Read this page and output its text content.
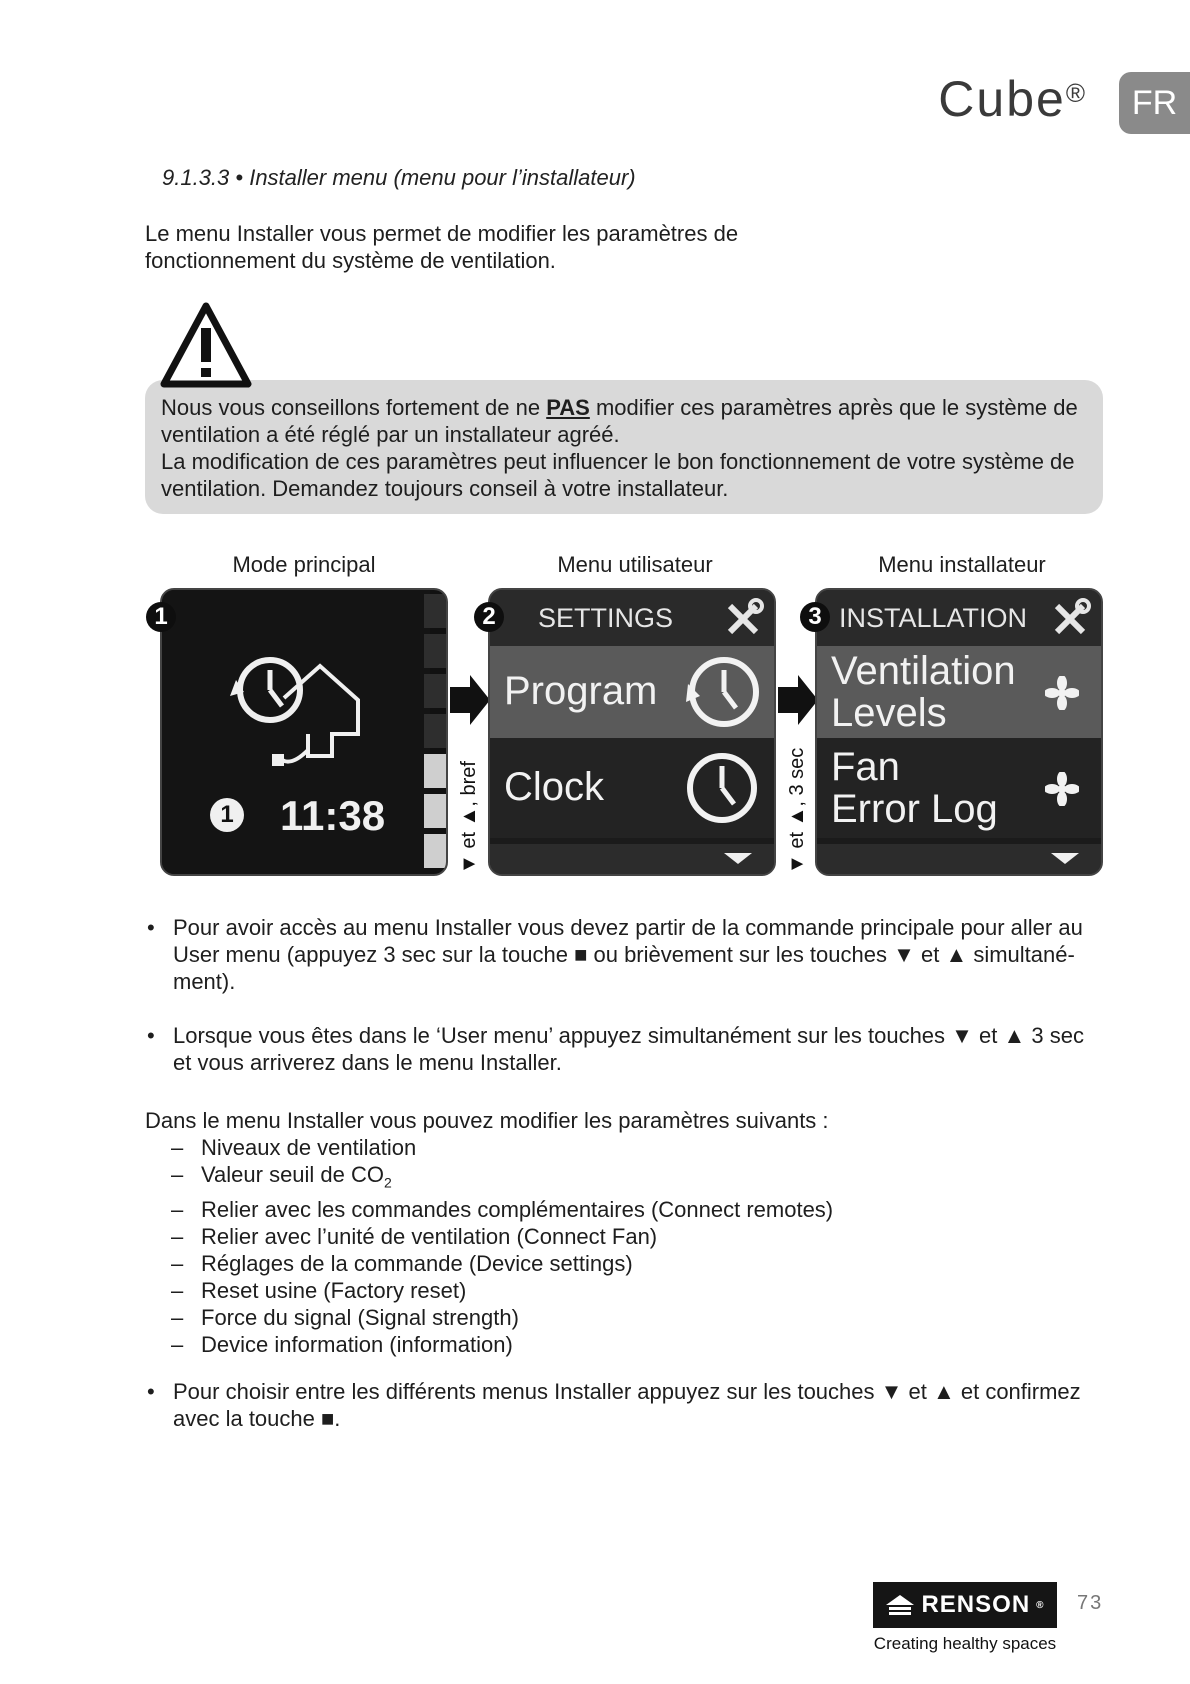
Cube®	FR
9.1.3.3 • Installer menu (menu pour l’installateur)
Le menu Installer vous permet de modifier les paramètres de fonctionnement du système de ventilation.

Nous vous conseillons fortement de ne PAS modifier ces paramètres après que le système de ventilation a été réglé par un installateur agréé.

La modification de ces paramètres peut influencer le bon fonctionnement de votre système de ventilation. Demandez toujours conseil à votre installateur.

Mode principal	Menu utilisateur	Menu installateur
1 11:38
1
▼ et ▲, bref
SETTINGS
Program
Clock
2
▼ et ▲, 3 sec
INSTALLATION
Ventilation
Levels
Fan
Error Log
3
• Pour avoir accès au menu Installer vous devez partir de la commande principale pour aller au User menu (appuyez 3 sec sur la touche ■ ou brièvement sur les touches ▼ et ▲ simultané-ment).
• Lorsque vous êtes dans le ‘User menu’ appuyez simultanément sur les touches ▼ et ▲ 3 sec et vous arriverez dans le menu Installer.
Dans le menu Installer vous pouvez modifier les paramètres suivants :
– Niveaux de ventilation
– Valeur seuil de $CO_2$
– Relier avec les commandes complémentaires (Connect remotes)
– Relier avec l’unité de ventilation (Connect Fan)
– Réglages de la commande (Device settings)
– Reset usine (Factory reset)
– Force du signal (Signal strength)
– Device information (information)
• Pour choisir entre les différents menus Installer appuyez sur les touches ▼ et ▲ et confirmez avec la touche ■.
RENSON ®
Creating healthy spaces
73
